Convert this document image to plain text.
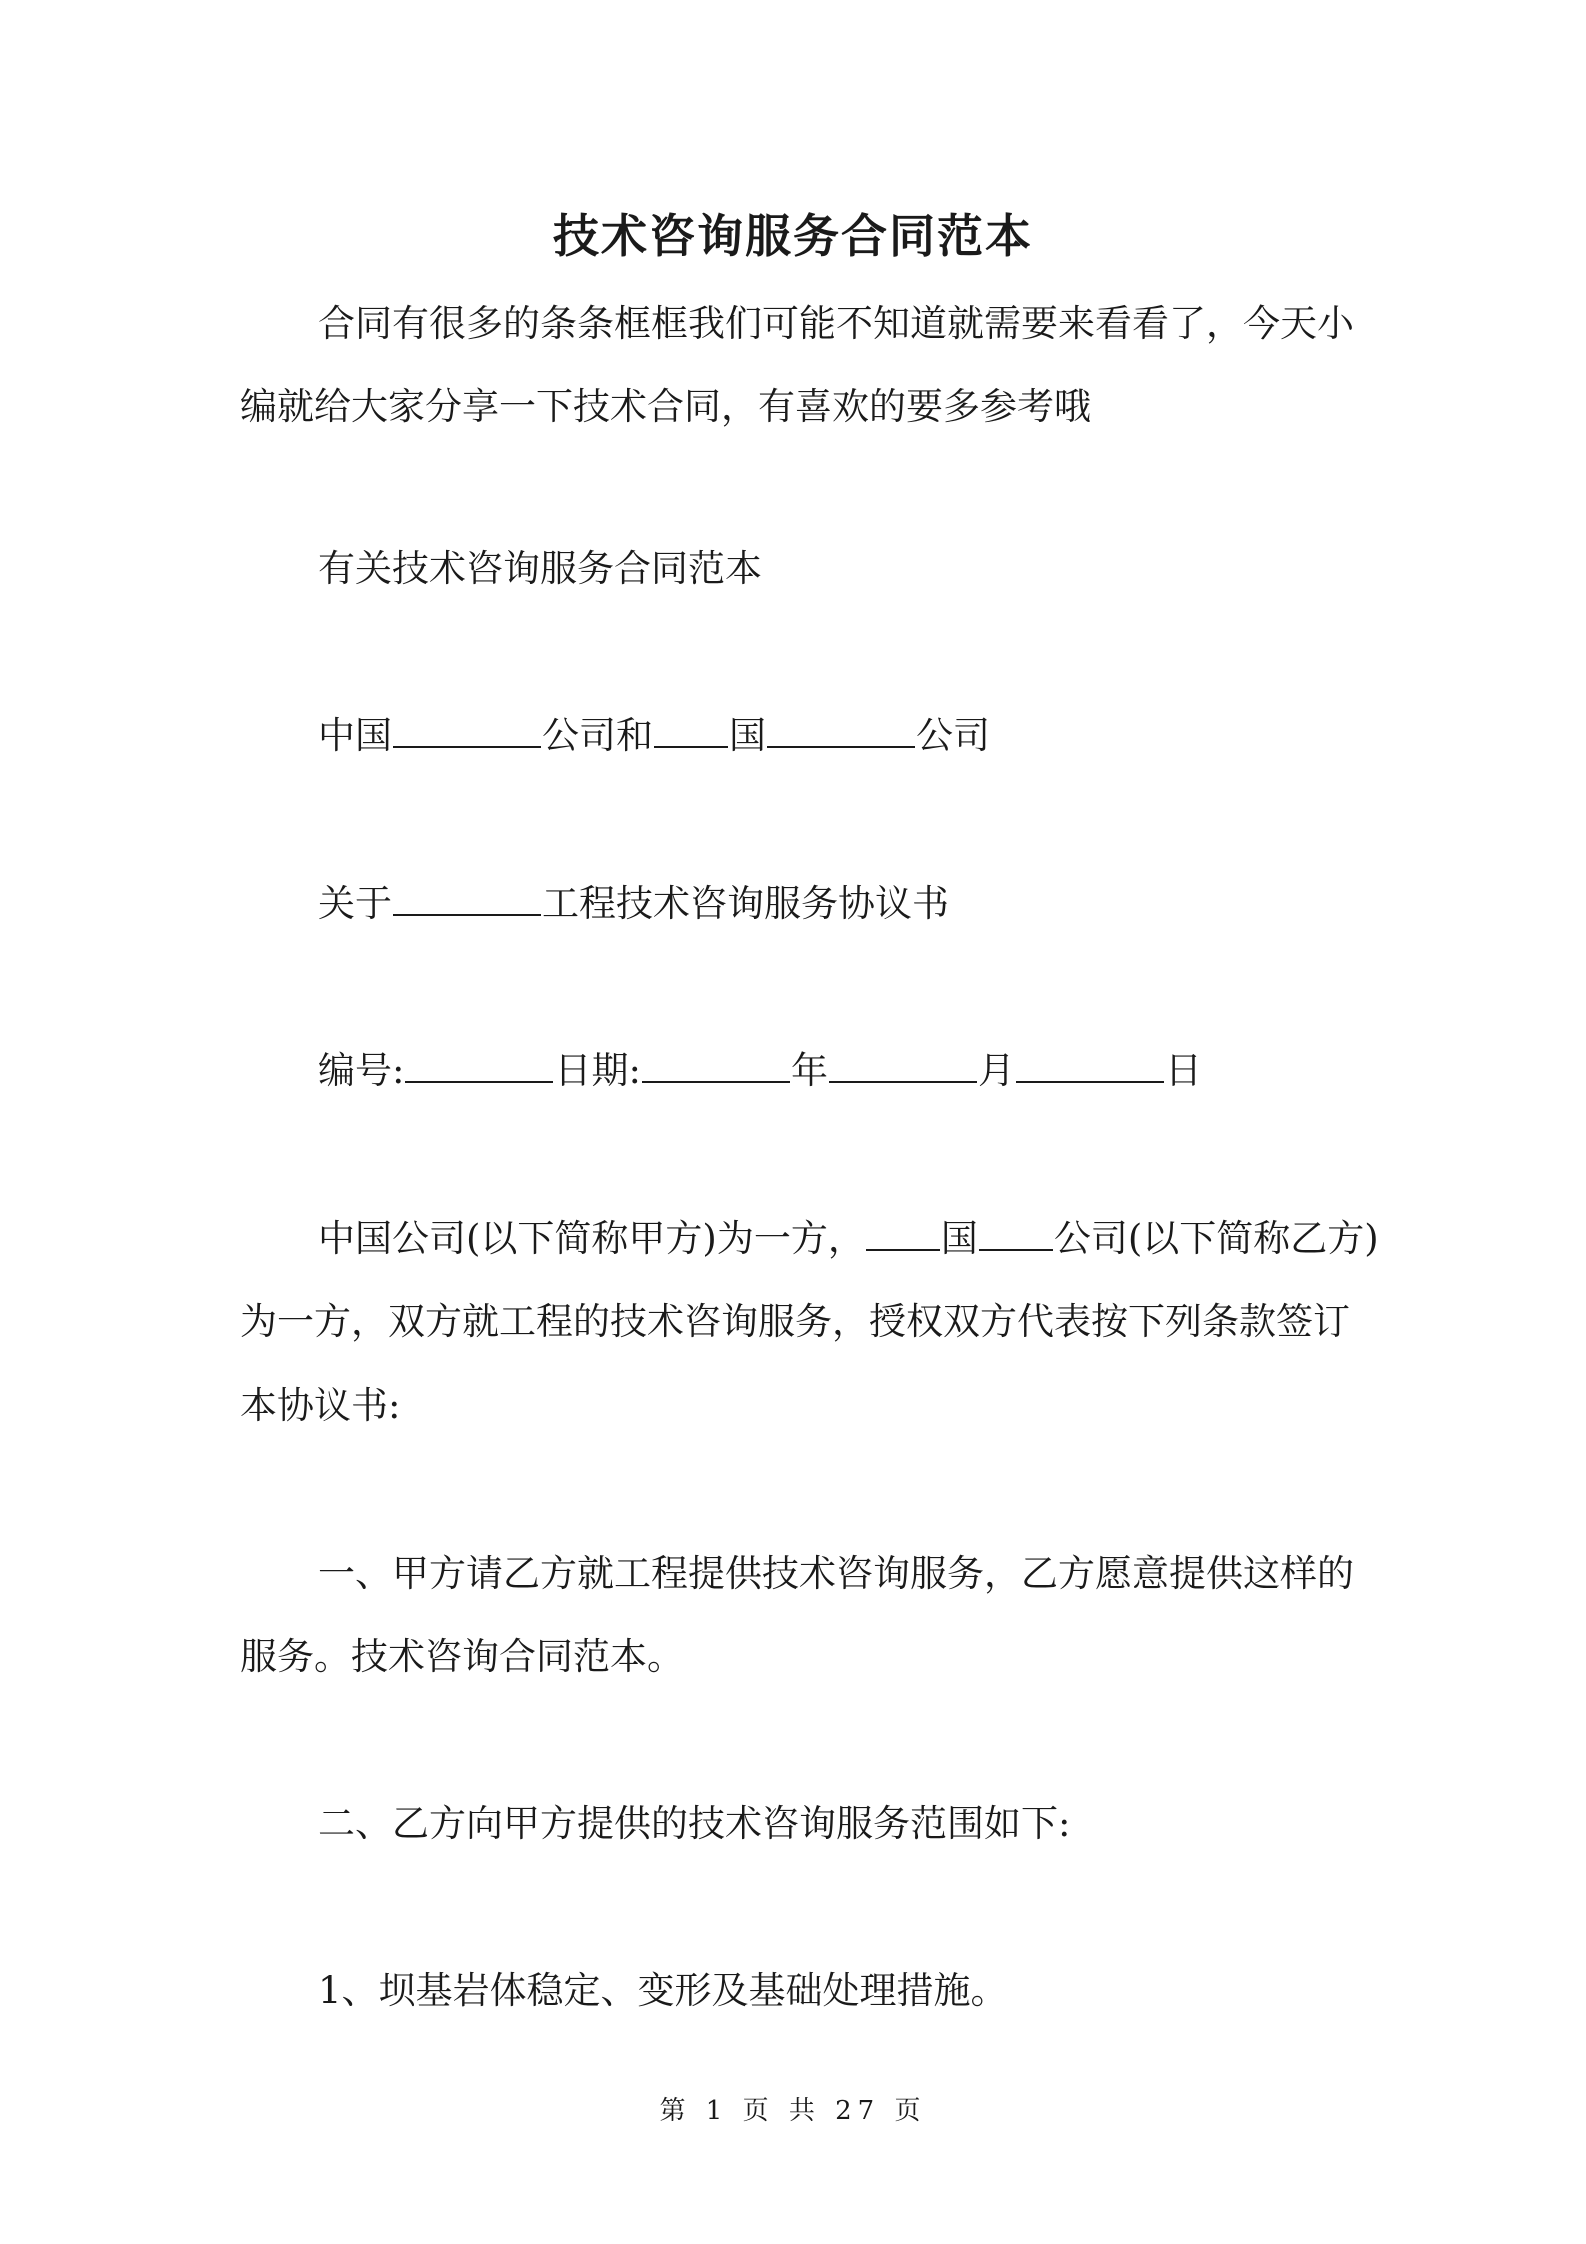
技术咨询服务合同范本
合同有很多的条条框框我们可能不知道就需要来看看了，今天小
编就给大家分享一下技术合同，有喜欢的要多参考哦
有关技术咨询服务合同范本
中国	公司和 国	公司
关于	工程技术咨询服务协议书
编号:	日期:	年	月	日
中国公司(以下简称甲方)为一方， 国 公司(以下简称乙方)
为一方，双方就工程的技术咨询服务，授权双方代表按下列条款签订
本协议书:
一、甲方请乙方就工程提供技术咨询服务，乙方愿意提供这样的
服务。技术咨询合同范本。
二、乙方向甲方提供的技术咨询服务范围如下:
1、坝基岩体稳定、变形及基础处理措施。
第 1 页 共 27 页
